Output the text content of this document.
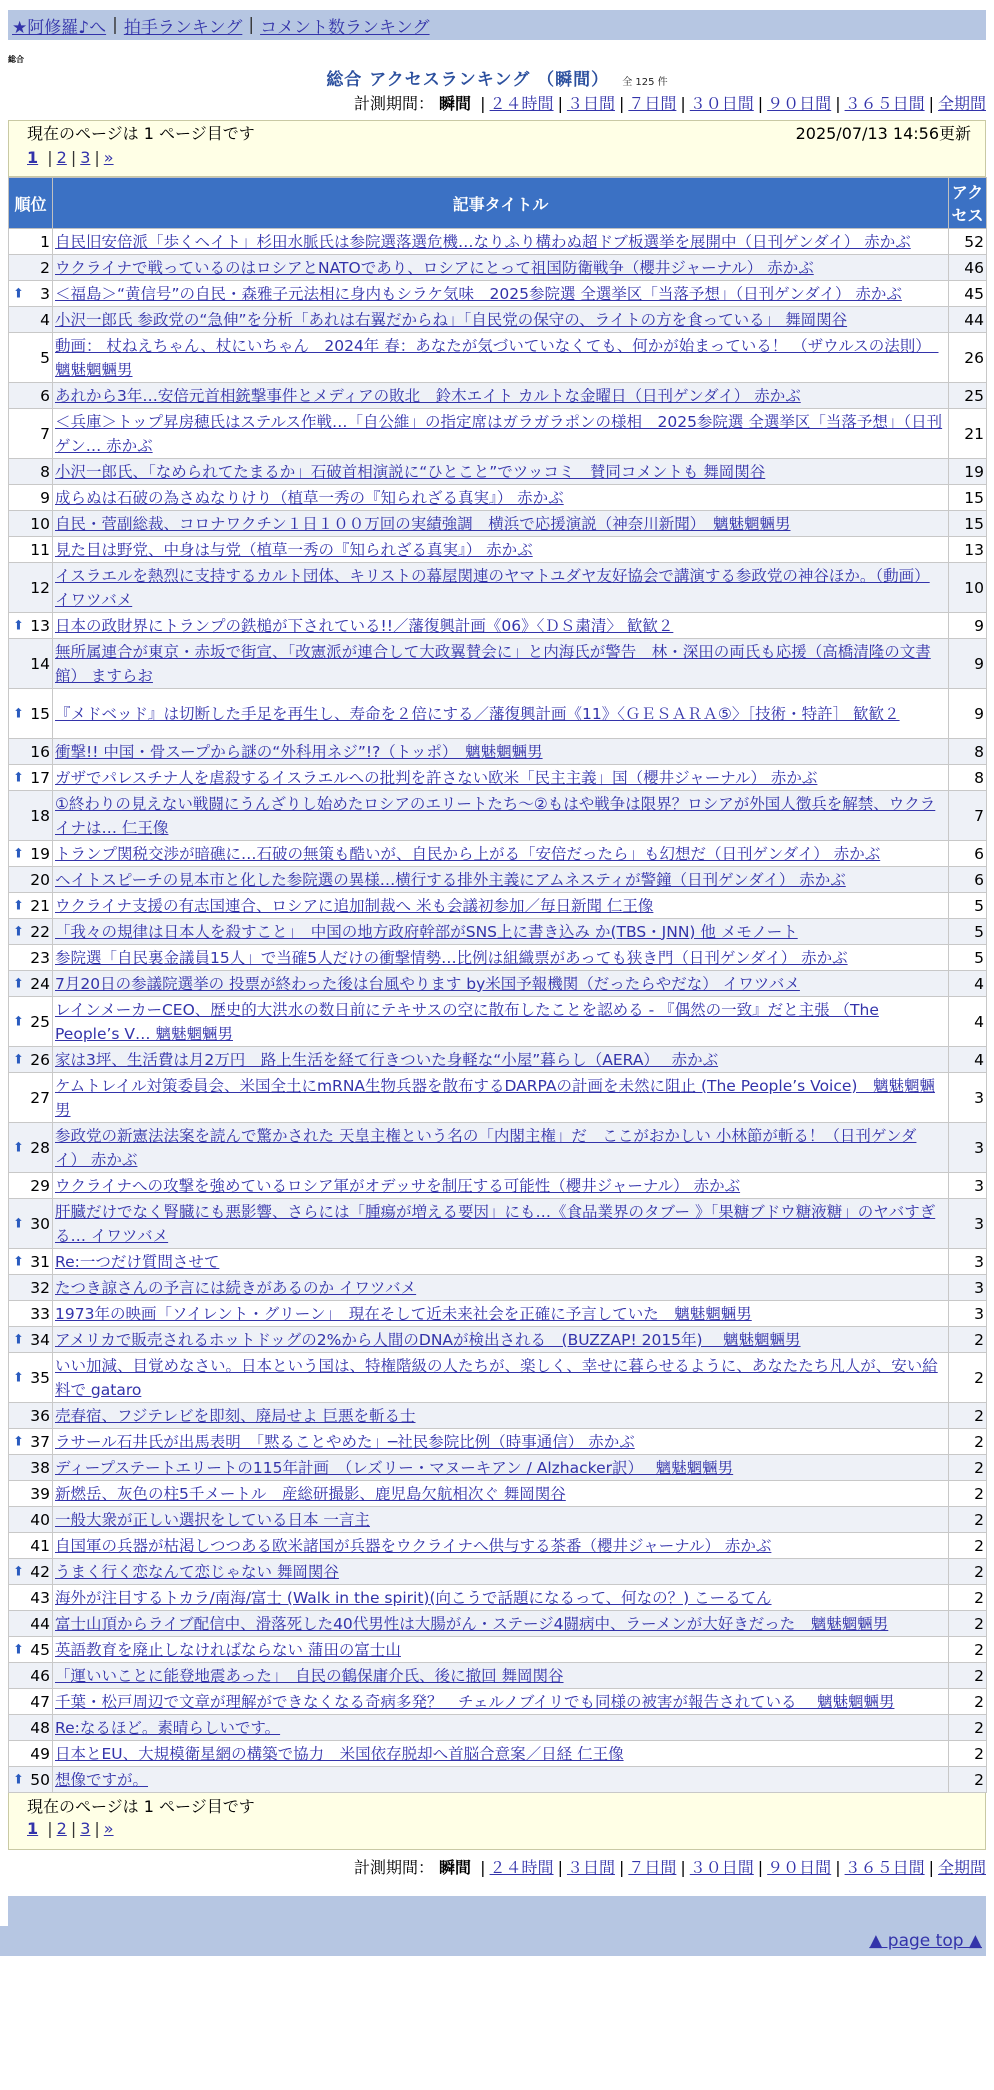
★阿修羅♪へ | 拍手ランキング | コメント数ランキング
総合
総合 アクセスランキング （瞬間） 全 125 件
計測期間： 瞬間 | ２４時間 | ３日間 | ７日間 | ３０日間 | ９０日間 | ３６５日間 | 全期間
現在のページは 1 ページ目です	2025/07/13 14:56更新
1 | 2 | 3 | »
順位	記事タイトル	アクセス
1	自民旧安倍派「歩くヘイト」杉田水脈氏は参院選落選危機…なりふり構わぬ超ドブ板選挙を展開中（日刊ゲンダイ） 赤かぶ	52
2	ウクライナで戦っているのはロシアとNATOであり、ロシアにとって祖国防衛戦争（櫻井ジャーナル） 赤かぶ	46

⬆ 3	＜福島＞“黄信号”の自民・森雅子元法相に身内もシラケ気味　2025参院選 全選挙区「当落予想」（日刊ゲンダイ） 赤かぶ	45
4	小沢一郎氏 参政党の“急伸”を分析「あれは右翼だからね」「自民党の保守の、ライトの方を食っている」 舞岡関谷	44
5	動画： 杖ねえちゃん、杖にいちゃん　2024年 春：あなたが気づいていなくても、何かが始まっている！ （ザウルスの法則）　魑魅魍魎男	26
6	あれから3年…安倍元首相銃撃事件とメディアの敗北　鈴木エイト カルトな金曜日（日刊ゲンダイ） 赤かぶ	25
7	＜兵庫＞トップ昇房穂氏はステルス作戦…「自公維」の指定席はガラガラポンの様相　2025参院選 全選挙区「当落予想」（日刊ゲン… 赤かぶ	21
8	小沢一郎氏、「なめられてたまるか」石破首相演説に“ひとこと”でツッコミ　賛同コメントも 舞岡関谷	19
9	成らぬは石破の為さぬなりけり（植草一秀の『知られざる真実』） 赤かぶ	15
10	自民・菅副総裁、コロナワクチン１日１００万回の実績強調　横浜で応援演説（神奈川新聞）　魑魅魍魎男	15
11	見た目は野党、中身は与党（植草一秀の『知られざる真実』） 赤かぶ	13
12	イスラエルを熱烈に支持するカルト団体、キリストの幕屋関連のヤマトユダヤ友好協会で講演する参政党の神谷ほか。（動画） イワツバメ	10

⬆ 13	日本の政財界にトランプの鉄槌が下されている!!／藩復興計画《06》〈ＤＳ粛清〉 歓歓２	9
14	無所属連合が東京・赤坂で街宣、「改憲派が連合して大政翼賛会に」と内海氏が警告　林・深田の両氏も応援（高橋清隆の文書館） ますらお	9

⬆ 15	『メドベッド』は切断した手足を再生し、寿命を２倍にする／藩復興計画《11》〈ＧＥＳＡＲＡ⑤〉［技術・特許］ 歓歓２	9
16	衝撃!! 中国・骨スープから謎の“外科用ネジ”!?（トッポ）　魑魅魍魎男	8

⬆ 17	ガザでパレスチナ人を虐殺するイスラエルへの批判を許さない欧米「民主主義」国（櫻井ジャーナル） 赤かぶ	8
18	①終わりの見えない戦闘にうんざりし始めたロシアのエリートたち～②もはや戦争は限界？ロシアが外国人徴兵を解禁、ウクライナは… 仁王像	7

⬆ 19	トランプ関税交渉が暗礁に…石破の無策も酷いが、自民から上がる「安倍だったら」も幻想だ（日刊ゲンダイ） 赤かぶ	6
20	ヘイトスピーチの見本市と化した参院選の異様…横行する排外主義にアムネスティが警鐘（日刊ゲンダイ） 赤かぶ	6

⬆ 21	ウクライナ支援の有志国連合、ロシアに追加制裁へ 米も会議初参加／毎日新聞 仁王像	5

⬆ 22	「我々の規律は日本人を殺すこと」　中国の地方政府幹部がSNS上に書き込み か(TBS・JNN) 他 メモノート	5
23	参院選「自民裏金議員15人」で当確5人だけの衝撃情勢…比例は組織票があっても狭き門（日刊ゲンダイ） 赤かぶ	5

⬆ 24	7月20日の参議院選挙の 投票が終わった後は台風やります by米国予報機関（だったらやだな） イワツバメ	4

⬆ 25	レインメーカーCEO、歴史的大洪水の数日前にテキサスの空に散布したことを認める - 『偶然の一致』だと主張 （The People’s V… 魑魅魍魎男	4

⬆ 26	家は3坪、生活費は月2万円　路上生活を経て行きついた身軽な“小屋”暮らし（AERA）　 赤かぶ	4
27	ケムトレイル対策委員会、米国全土にmRNA生物兵器を散布するDARPAの計画を未然に阻止 (The People’s Voice)　魑魅魍魎男	3

⬆ 28	参政党の新憲法法案を読んで驚かされた 天皇主権という名の「内閣主権」だ　ここがおかしい 小林節が斬る！（日刊ゲンダイ） 赤かぶ	3
29	ウクライナへの攻撃を強めているロシア軍がオデッサを制圧する可能性（櫻井ジャーナル） 赤かぶ	3

⬆ 30	肝臓だけでなく腎臓にも悪影響、さらには「腫瘍が増える要因」にも…《食品業界のタブー 》「果糖ブドウ糖液糖」のヤバすぎる… イワツバメ	3

⬆ 31	Re:一つだけ質問させて	3
32	たつき諒さんの予言には続きがあるのか イワツバメ	3
33	1973年の映画「ソイレント・グリーン」　現在そして近未来社会を正確に予言していた　魑魅魍魎男	3

⬆ 34	アメリカで販売されるホットドッグの2%から人間のDNAが検出される　(BUZZAP! 2015年)　 魑魅魍魎男	2

⬆ 35	いい加減、目覚めなさい。日本という国は、特権階級の人たちが、楽しく、幸せに暮らせるように、あなたたち凡人が、安い給料で gataro	2
36	売春宿、フジテレビを即刻、廃局せよ 巨悪を斬る士	2

⬆ 37	ラサール石井氏が出馬表明　「黙ることやめた」─社民参院比例（時事通信） 赤かぶ	2
38	ディープステートエリートの115年計画　（レズリー・マヌーキアン / Alzhacker訳）　 魑魅魍魎男	2
39	新燃岳、灰色の柱5千メートル　産総研撮影、鹿児島欠航相次ぐ 舞岡関谷	2
40	一般大衆が正しい選択をしている日本 一言主	2
41	自国軍の兵器が枯渇しつつある欧米諸国が兵器をウクライナへ供与する茶番（櫻井ジャーナル） 赤かぶ	2

⬆ 42	うまく行く恋なんて恋じゃない 舞岡関谷	2
43	海外が注目するトカラ/南海/富士 (Walk in the spirit)(向こうで話題になるって、何なの？) こーるてん	2
44	富士山頂からライブ配信中、滑落死した40代男性は大腸がん・ステージ4闘病中、ラーメンが大好きだった　魑魅魍魎男	2

⬆ 45	英語教育を廃止しなければならない 蒲田の富士山	2
46	「運いいことに能登地震あった」　自民の鶴保庸介氏、後に撤回 舞岡関谷	2
47	千葉・松戸周辺で文章が理解ができなくなる奇病多発？　チェルノブイリでも同様の被害が報告されている　 魑魅魍魎男	2
48	Re:なるほど。素晴らしいです。	2
49	日本とEU、大規模衛星網の構築で協力　米国依存脱却へ首脳合意案／日経 仁王像	2

⬆ 50	想像ですが。	2
現在のページは 1 ページ目です
1 | 2 | 3 | »
計測期間： 瞬間 | ２４時間 | ３日間 | ７日間 | ３０日間 | ９０日間 | ３６５日間 | 全期間
▲ page top ▲
